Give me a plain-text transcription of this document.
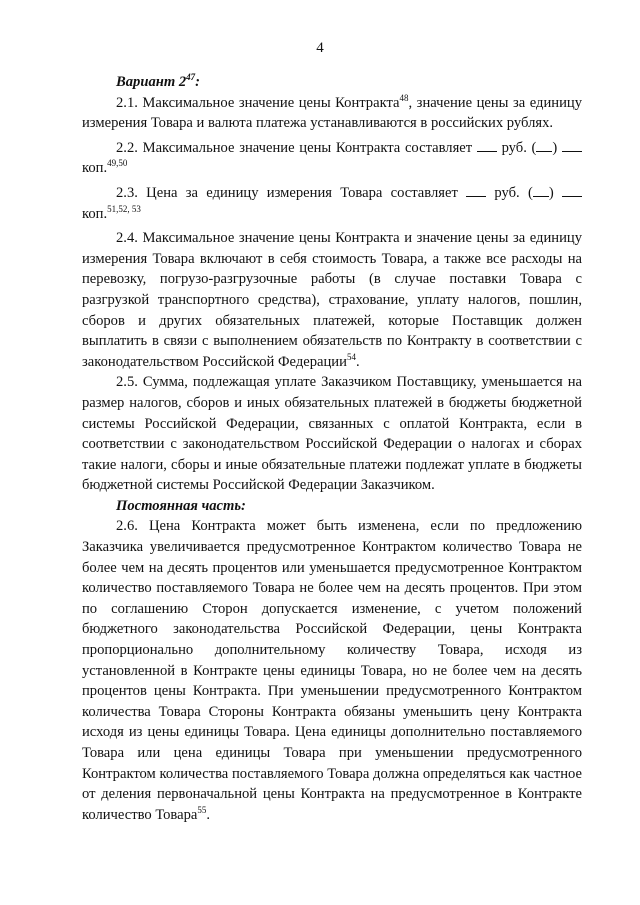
4

Вариант $2^{47}$:

2.1. Максимальное значение цены Контракта$^{48}$, значение цены за единицу измерения Товара и валюта платежа устанавливаются в российских рублях.

2.2. Максимальное значение цены Контракта составляет руб. ( )  коп.$^{49,50}$

2.3. Цена за единицу измерения Товара составляет	руб. ( )  коп.$^{51,52, 53}$

2.4. Максимальное значение цены Контракта и значение цены за единицу измерения Товара включают в себя стоимость Товара, а также все расходы на перевозку, погрузо-разгрузочные работы (в случае поставки Товара с разгрузкой транспортного средства), страхование, уплату налогов, пошлин, сборов и других обязательных платежей, которые Поставщик должен выплатить в связи с выполнением обязательств по Контракту в соответствии с законодательством Российской Федерации$^{54}$.

2.5. Сумма, подлежащая уплате Заказчиком Поставщику, уменьшается на размер налогов, сборов и иных обязательных платежей в бюджеты бюджетной системы Российской Федерации, связанных с оплатой Контракта, если в соответствии с законодательством Российской Федерации о налогах и сборах такие налоги, сборы и иные обязательные платежи подлежат уплате в бюджеты бюджетной системы Российской Федерации Заказчиком.

Постоянная часть:

2.6. Цена Контракта может быть изменена, если по предложению Заказчика увеличивается предусмотренное Контрактом количество Товара не более чем на десять процентов или уменьшается предусмотренное Контрактом количество поставляемого Товара не более чем на десять процентов. При этом по соглашению Сторон допускается изменение, с учетом положений бюджетного законодательства Российской Федерации, цены Контракта пропорционально дополнительному количеству Товара, исходя из установленной в Контракте цены единицы Товара, но не более чем на десять процентов цены Контракта. При уменьшении предусмотренного Контрактом количества Товара Стороны Контракта обязаны уменьшить цену Контракта исходя из цены единицы Товара. Цена единицы дополнительно поставляемого Товара или цена единицы Товара при уменьшении предусмотренного Контрактом количества поставляемого Товара должна определяться как частное от деления первоначальной цены Контракта на предусмотренное в Контракте количество Товара$^{55}$.
